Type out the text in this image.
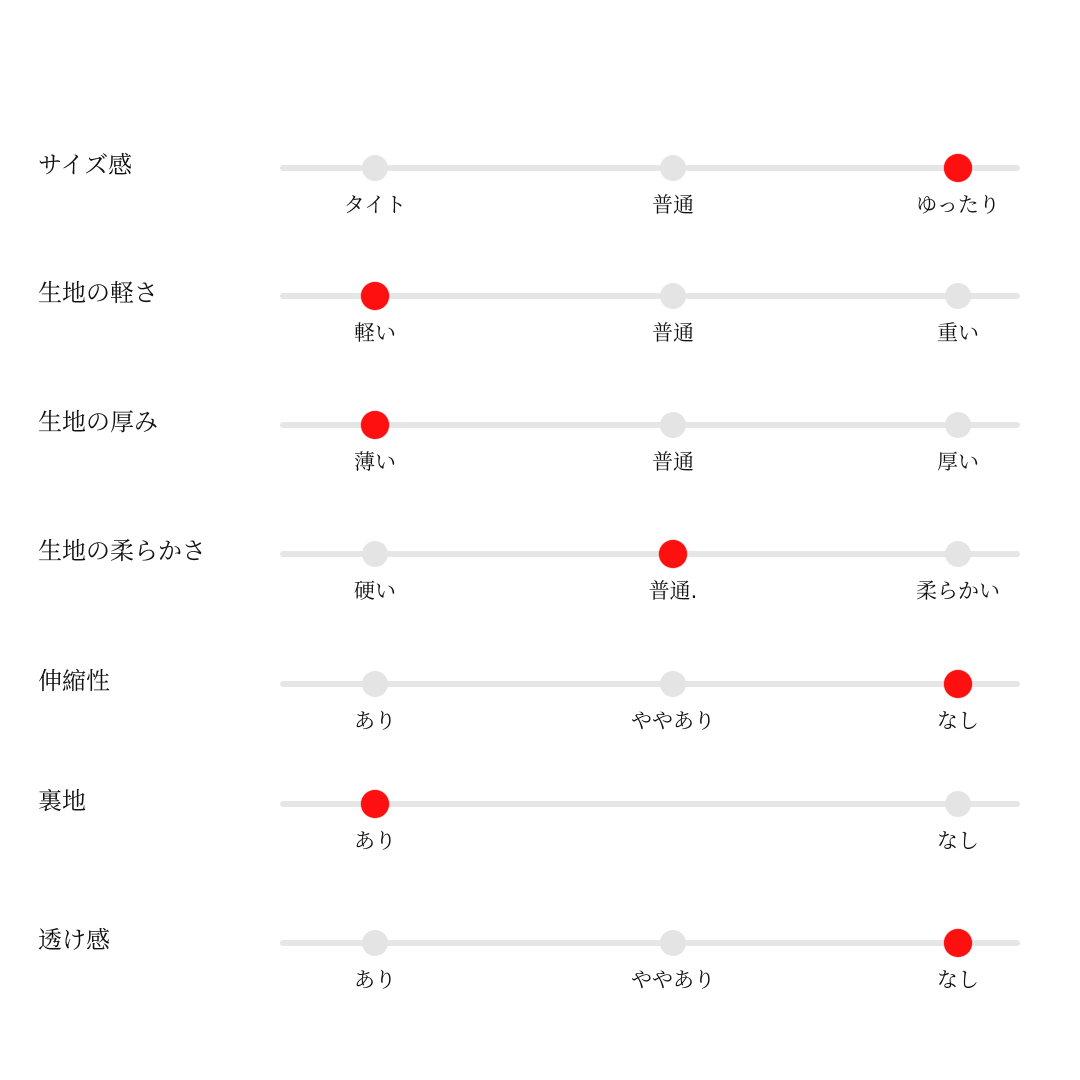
サイズ感
タイト	普通	ゆったり
生地の軽さ
軽い	普通	重い
生地の厚み
薄い	普通	厚い
生地の柔らかさ
硬い	普通.	柔らかい
伸縮性
あり	ややあり	なし
裏地
あり	なし
透け感
あり	ややあり	なし
